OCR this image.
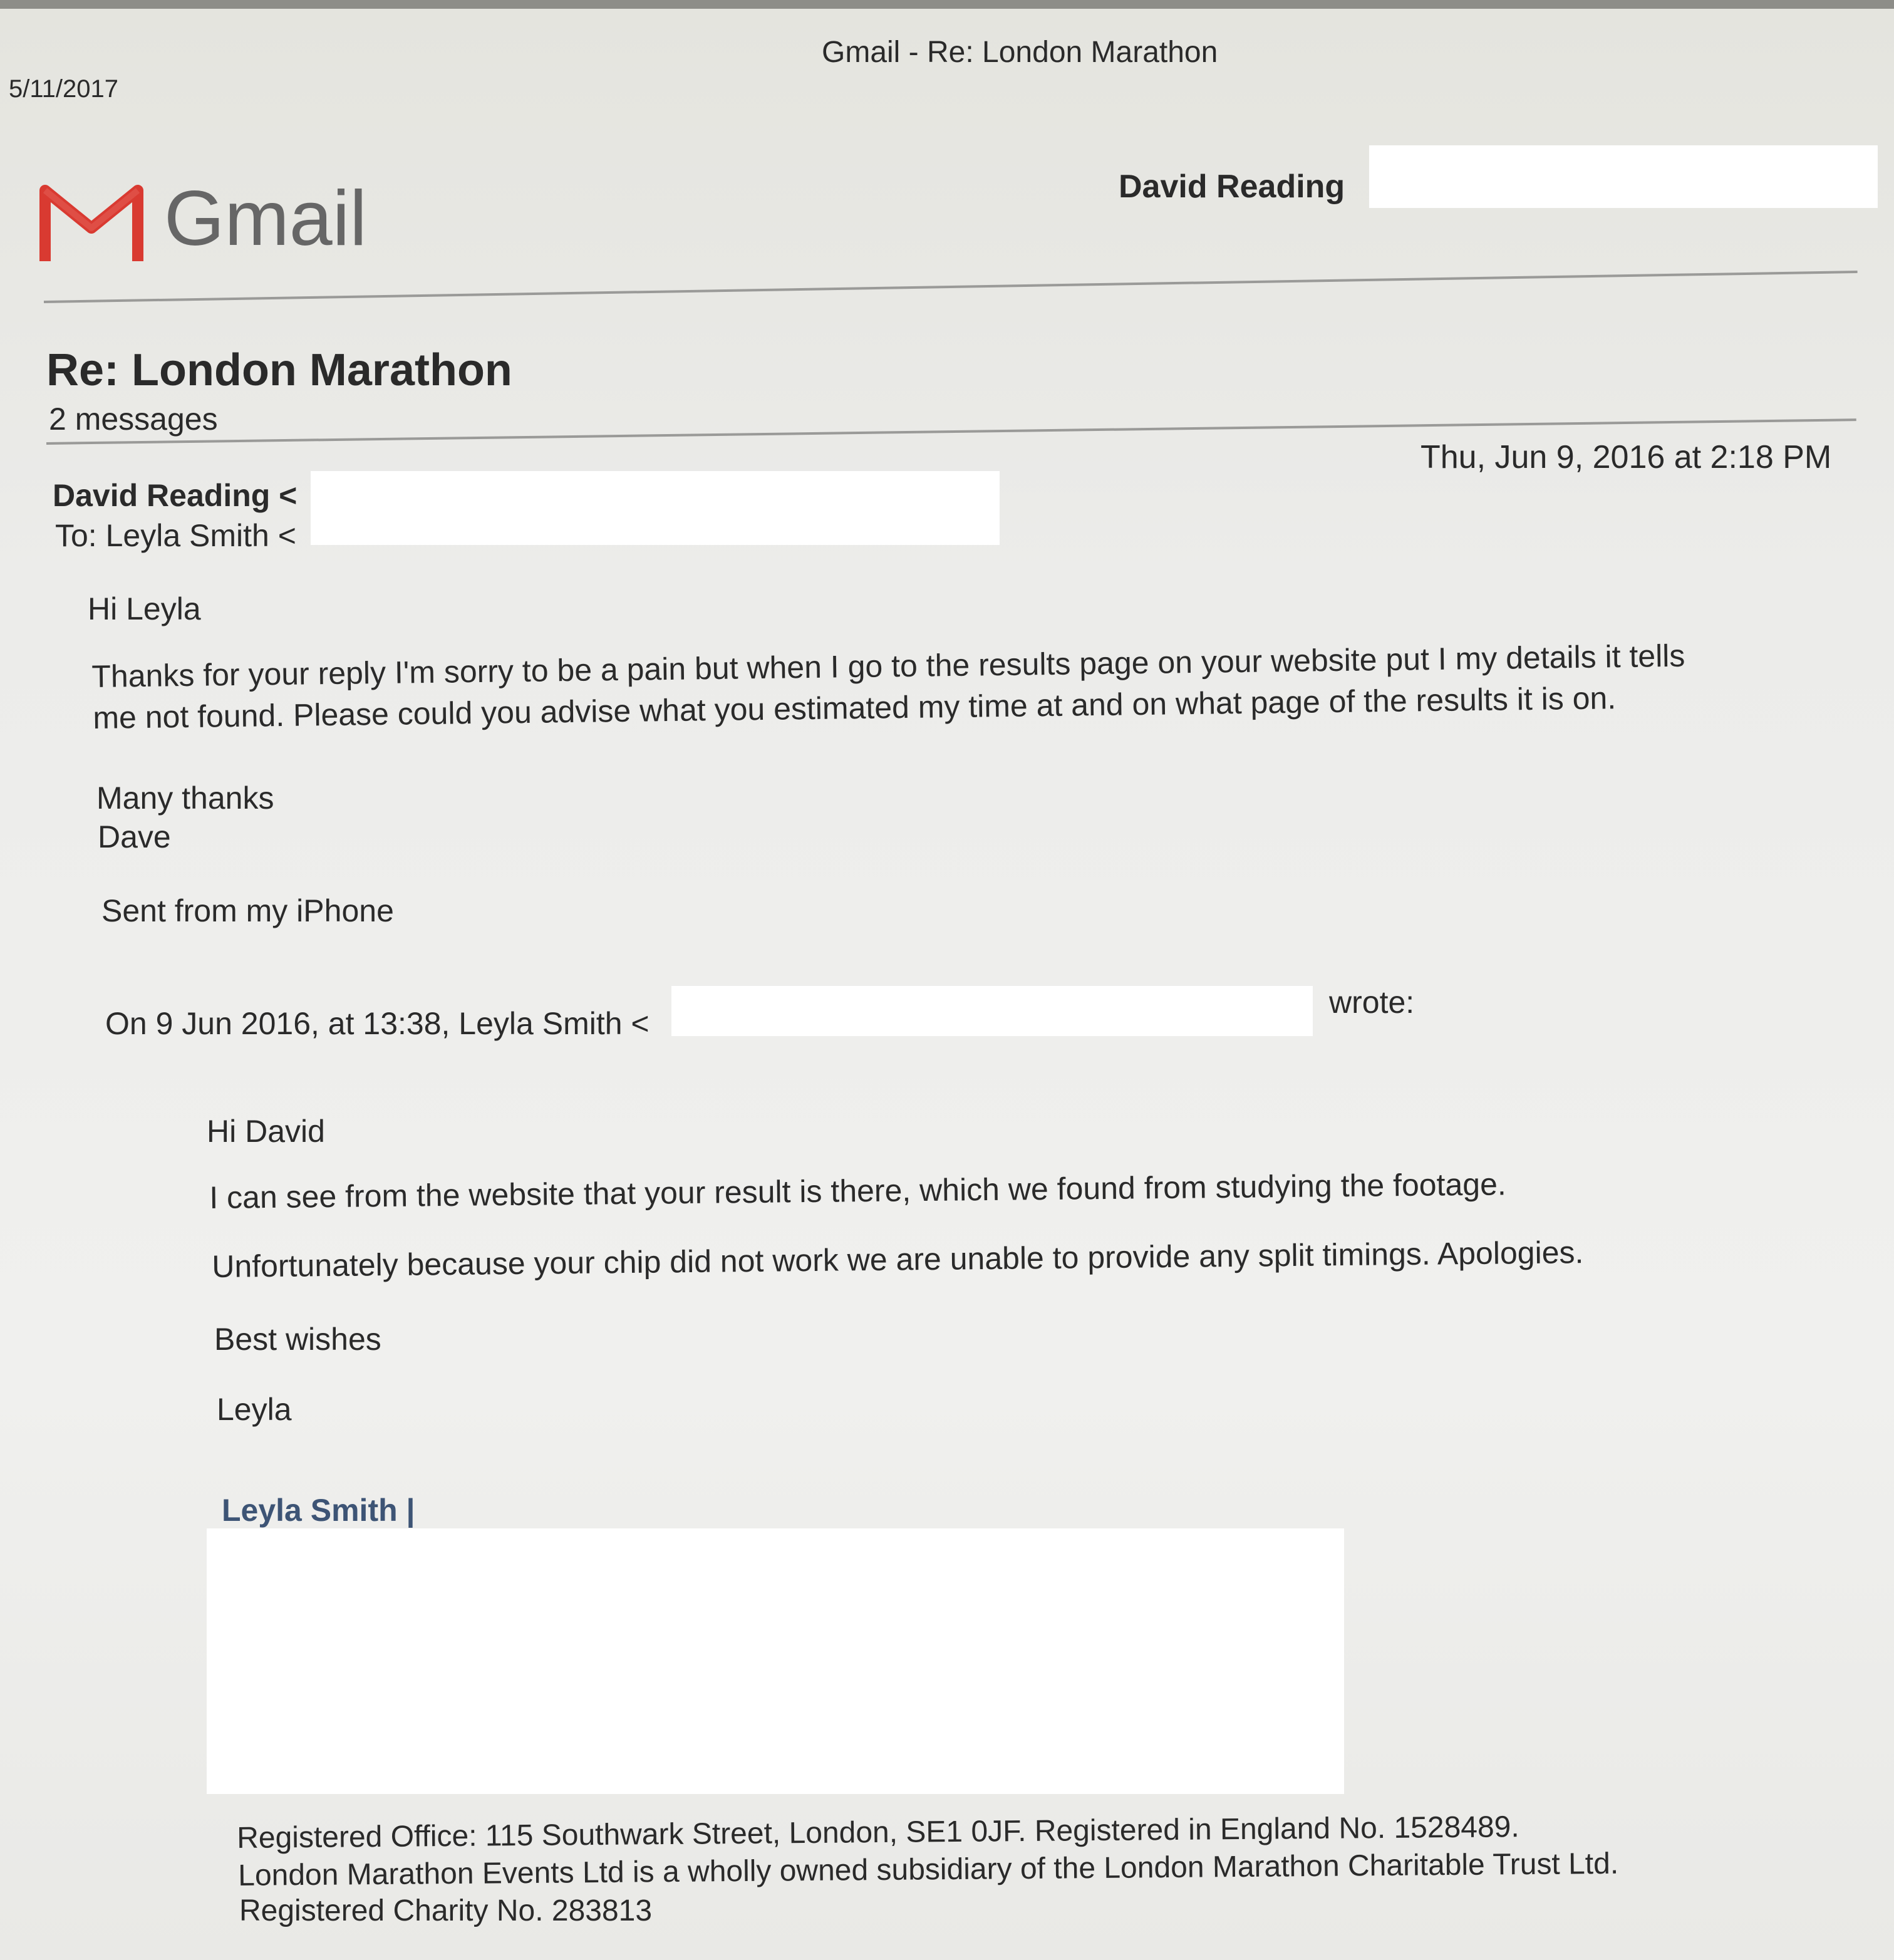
5/11/2017
Gmail - Re: London Marathon
Gmail	David Reading
Re: London Marathon
2 messages
David Reading <
To: Leyla Smith <
Thu, Jun 9, 2016 at 2:18 PM
Hi Leyla
Thanks for your reply I'm sorry to be a pain but when I go to the results page on your website put I my details it tells
me not found. Please could you advise what you estimated my time at and on what page of the results it is on.
Many thanks
Dave
Sent from my iPhone
On 9 Jun 2016, at 13:38, Leyla Smith <
wrote:
Hi David
I can see from the website that your result is there, which we found from studying the footage.
Unfortunately because your chip did not work we are unable to provide any split timings. Apologies.
Best wishes
Leyla
Leyla Smith |
Registered Office: 115 Southwark Street, London, SE1 0JF. Registered in England No. 1528489.
London Marathon Events Ltd is a wholly owned subsidiary of the London Marathon Charitable Trust Ltd.
Registered Charity No. 283813
